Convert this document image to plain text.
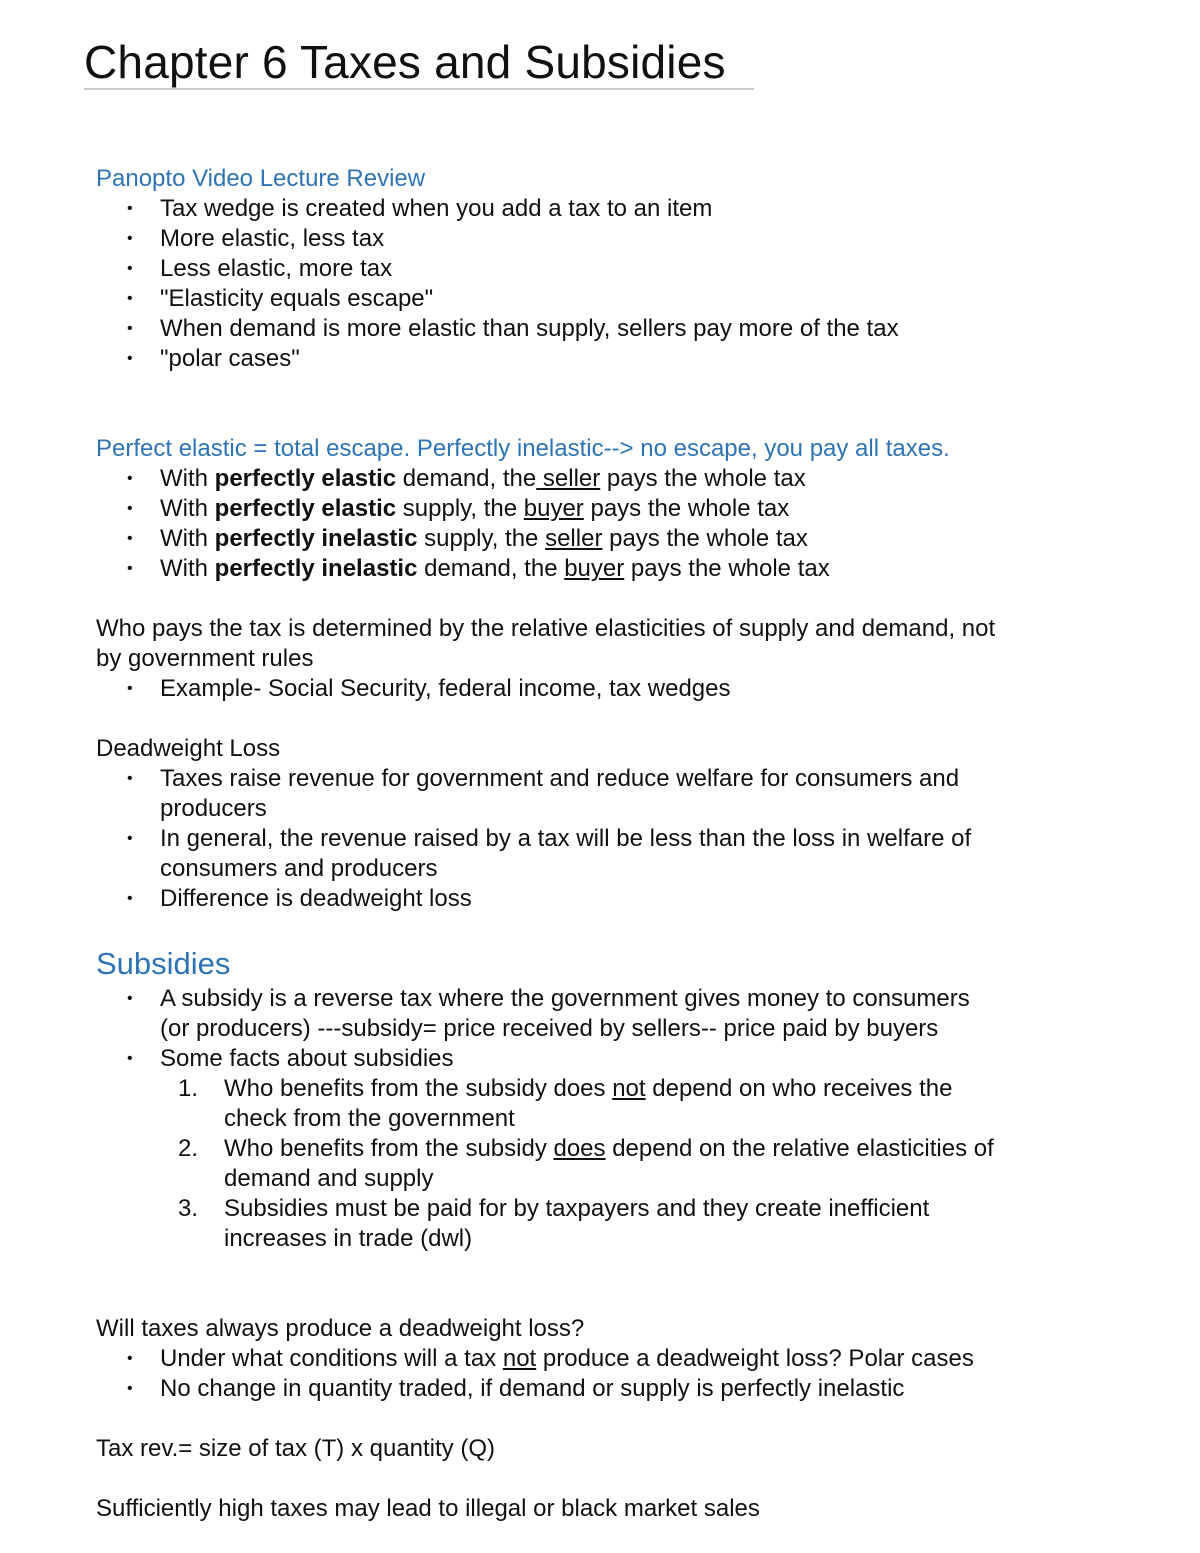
Chapter 6 Taxes and Subsidies

Panopto Video Lecture Review

• Tax wedge is created when you add a tax to an item
• More elastic, less tax
• Less elastic, more tax
• "Elasticity equals escape"
• When demand is more elastic than supply, sellers pay more of the tax
• "polar cases"

Perfect elastic = total escape. Perfectly inelastic--> no escape, you pay all taxes.

• With perfectly elastic demand, the seller pays the whole tax
• With perfectly elastic supply, the buyer pays the whole tax
• With perfectly inelastic supply, the seller pays the whole tax
• With perfectly inelastic demand, the buyer pays the whole tax

Who pays the tax is determined by the relative elasticities of supply and demand, not

by government rules

• Example- Social Security, federal income, tax wedges

Deadweight Loss

• Taxes raise revenue for government and reduce welfare for consumers and
producers
• In general, the revenue raised by a tax will be less than the loss in welfare of
consumers and producers
• Difference is deadweight loss

Subsidies

• A subsidy is a reverse tax where the government gives money to consumers
(or producers) ---subsidy= price received by sellers-- price paid by buyers
• Some facts about subsidies
1. Who benefits from the subsidy does not depend on who receives the
check from the government
2. Who benefits from the subsidy does depend on the relative elasticities of
demand and supply
3. Subsidies must be paid for by taxpayers and they create inefficient
increases in trade (dwl)

Will taxes always produce a deadweight loss?

• Under what conditions will a tax not produce a deadweight loss? Polar cases
• No change in quantity traded, if demand or supply is perfectly inelastic

Tax rev.= size of tax (T) x quantity (Q)

Sufficiently high taxes may lead to illegal or black market sales
